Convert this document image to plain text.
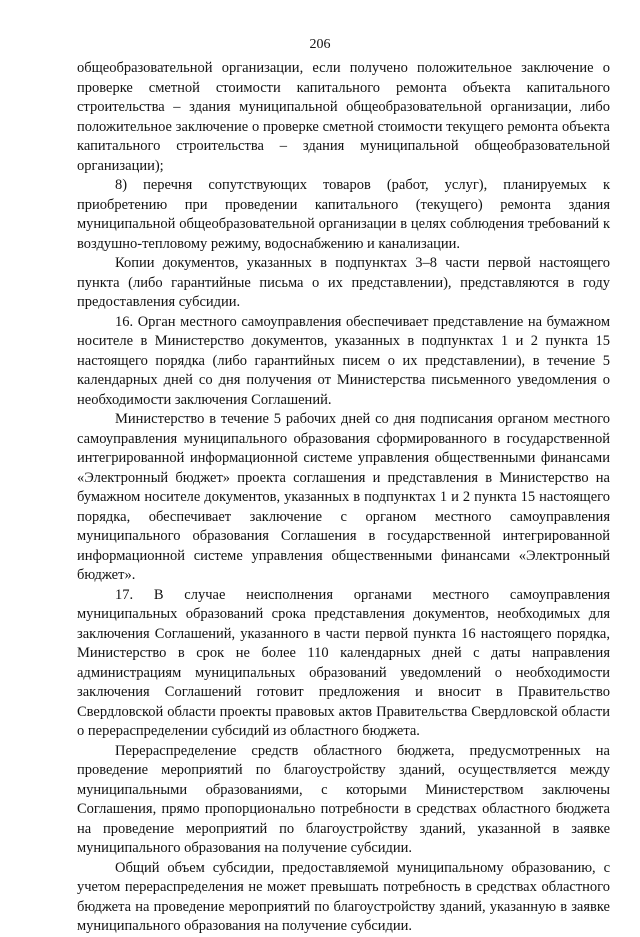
206

общеобразовательной организации, если получено положительное заключение о проверке сметной стоимости капитального ремонта объекта капитального строительства – здания муниципальной общеобразовательной организации, либо положительное заключение о проверке сметной стоимости текущего ремонта объекта капитального строительства – здания муниципальной общеобразовательной организации);

8) перечня сопутствующих товаров (работ, услуг), планируемых к приобретению при проведении капитального (текущего) ремонта здания муниципальной общеобразовательной организации в целях соблюдения требований к воздушно-тепловому режиму, водоснабжению и канализации.

Копии документов, указанных в подпунктах 3–8 части первой настоящего пункта (либо гарантийные письма о их представлении), представляются в году предоставления субсидии.

16. Орган местного самоуправления обеспечивает представление на бумажном носителе в Министерство документов, указанных в подпунктах 1 и 2 пункта 15 настоящего порядка (либо гарантийных писем о их представлении), в течение 5 календарных дней со дня получения от Министерства письменного уведомления о необходимости заключения Соглашений.

Министерство в течение 5 рабочих дней со дня подписания органом местного самоуправления муниципального образования сформированного в государственной интегрированной информационной системе управления общественными финансами «Электронный бюджет» проекта соглашения и представления в Министерство на бумажном носителе документов, указанных в подпунктах 1 и 2 пункта 15 настоящего порядка, обеспечивает заключение с органом местного самоуправления муниципального образования Соглашения в государственной интегрированной информационной системе управления общественными финансами «Электронный бюджет».

17. В случае неисполнения органами местного самоуправления муниципальных образований срока представления документов, необходимых для заключения Соглашений, указанного в части первой пункта 16 настоящего порядка, Министерство в срок не более 110 календарных дней с даты направления администрациям муниципальных образований уведомлений о необходимости заключения Соглашений готовит предложения и вносит в Правительство Свердловской области проекты правовых актов Правительства Свердловской области о перераспределении субсидий из областного бюджета.

Перераспределение средств областного бюджета, предусмотренных на проведение мероприятий по благоустройству зданий, осуществляется между муниципальными образованиями, с которыми Министерством заключены Соглашения, прямо пропорционально потребности в средствах областного бюджета на проведение мероприятий по благоустройству зданий, указанной в заявке муниципального образования на получение субсидии.

Общий объем субсидии, предоставляемой муниципальному образованию, с учетом перераспределения не может превышать потребность в средствах областного бюджета на проведение мероприятий по благоустройству зданий, указанную в заявке муниципального образования на получение субсидии.
